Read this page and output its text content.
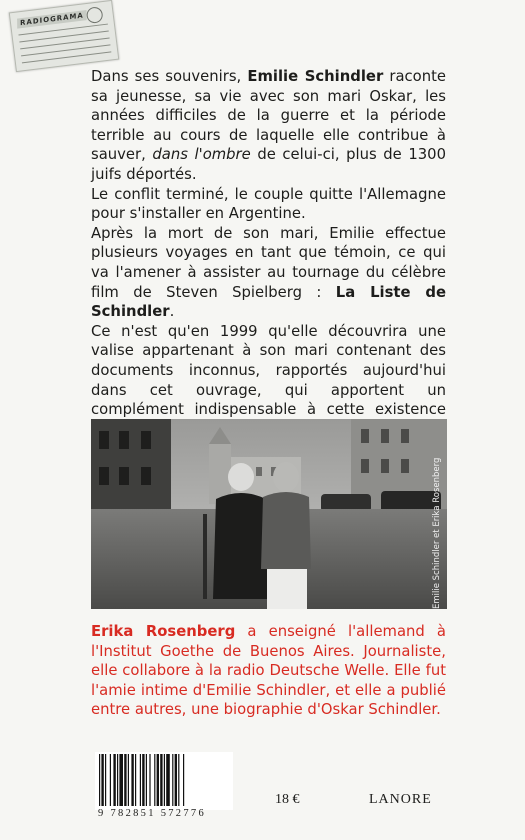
RADIOGRAMA

Dans ses souvenirs, Emilie Schindler raconte sa jeunesse, sa vie avec son mari Oskar, les années difficiles de la guerre et la période terrible au cours de laquelle elle contribue à sauver, dans l'ombre de celui-ci, plus de 1300 juifs déportés.

Le conflit terminé, le couple quitte l'Allemagne pour s'installer en Argentine.

Après la mort de son mari, Emilie effectue plusieurs voyages en tant que témoin, ce qui va l'amener à assister au tournage du célèbre film de Steven Spielberg : La Liste de Schindler.

Ce n'est qu'en 1999 qu'elle découvrira une valise appartenant à son mari contenant des documents inconnus, rapportés aujourd'hui dans cet ouvrage, qui apportent un complément indispensable à cette existence

Emilie Schindler et Erika Rosenberg
Erika Rosenberg a enseigné l'allemand à l'Institut Goethe de Buenos Aires. Journaliste, elle collabore à la radio Deutsche Welle. Elle fut l'amie intime d'Emilie Schindler, et elle a publié entre autres, une biographie d'Oskar Schindler.
9 782851 572776
18 €	LANORE
